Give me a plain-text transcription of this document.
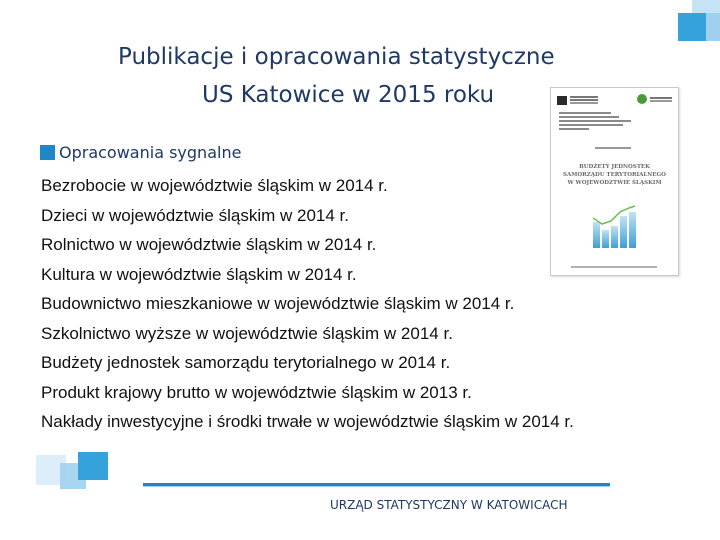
Publikacje i opracowania statystyczne
US Katowice w 2015 roku
BUDŻETY JEDNOSTEK
SAMORZĄDU TERYTORIALNEGO
W WOJEWÓDZTWIE ŚLĄSKIM
Opracowania sygnalne
Bezrobocie w województwie śląskim w 2014 r.
Dzieci w województwie śląskim w 2014 r.
Rolnictwo w województwie śląskim w 2014 r.
Kultura w województwie śląskim w 2014 r.
Budownictwo mieszkaniowe w województwie śląskim w 2014 r.
Szkolnictwo wyższe w województwie śląskim w 2014 r.
Budżety jednostek samorządu terytorialnego w 2014 r.
Produkt krajowy brutto w województwie śląskim w 2013 r.
Nakłady inwestycyjne i środki trwałe w województwie śląskim w 2014 r.
URZĄD STATYSTYCZNY W KATOWICACH
